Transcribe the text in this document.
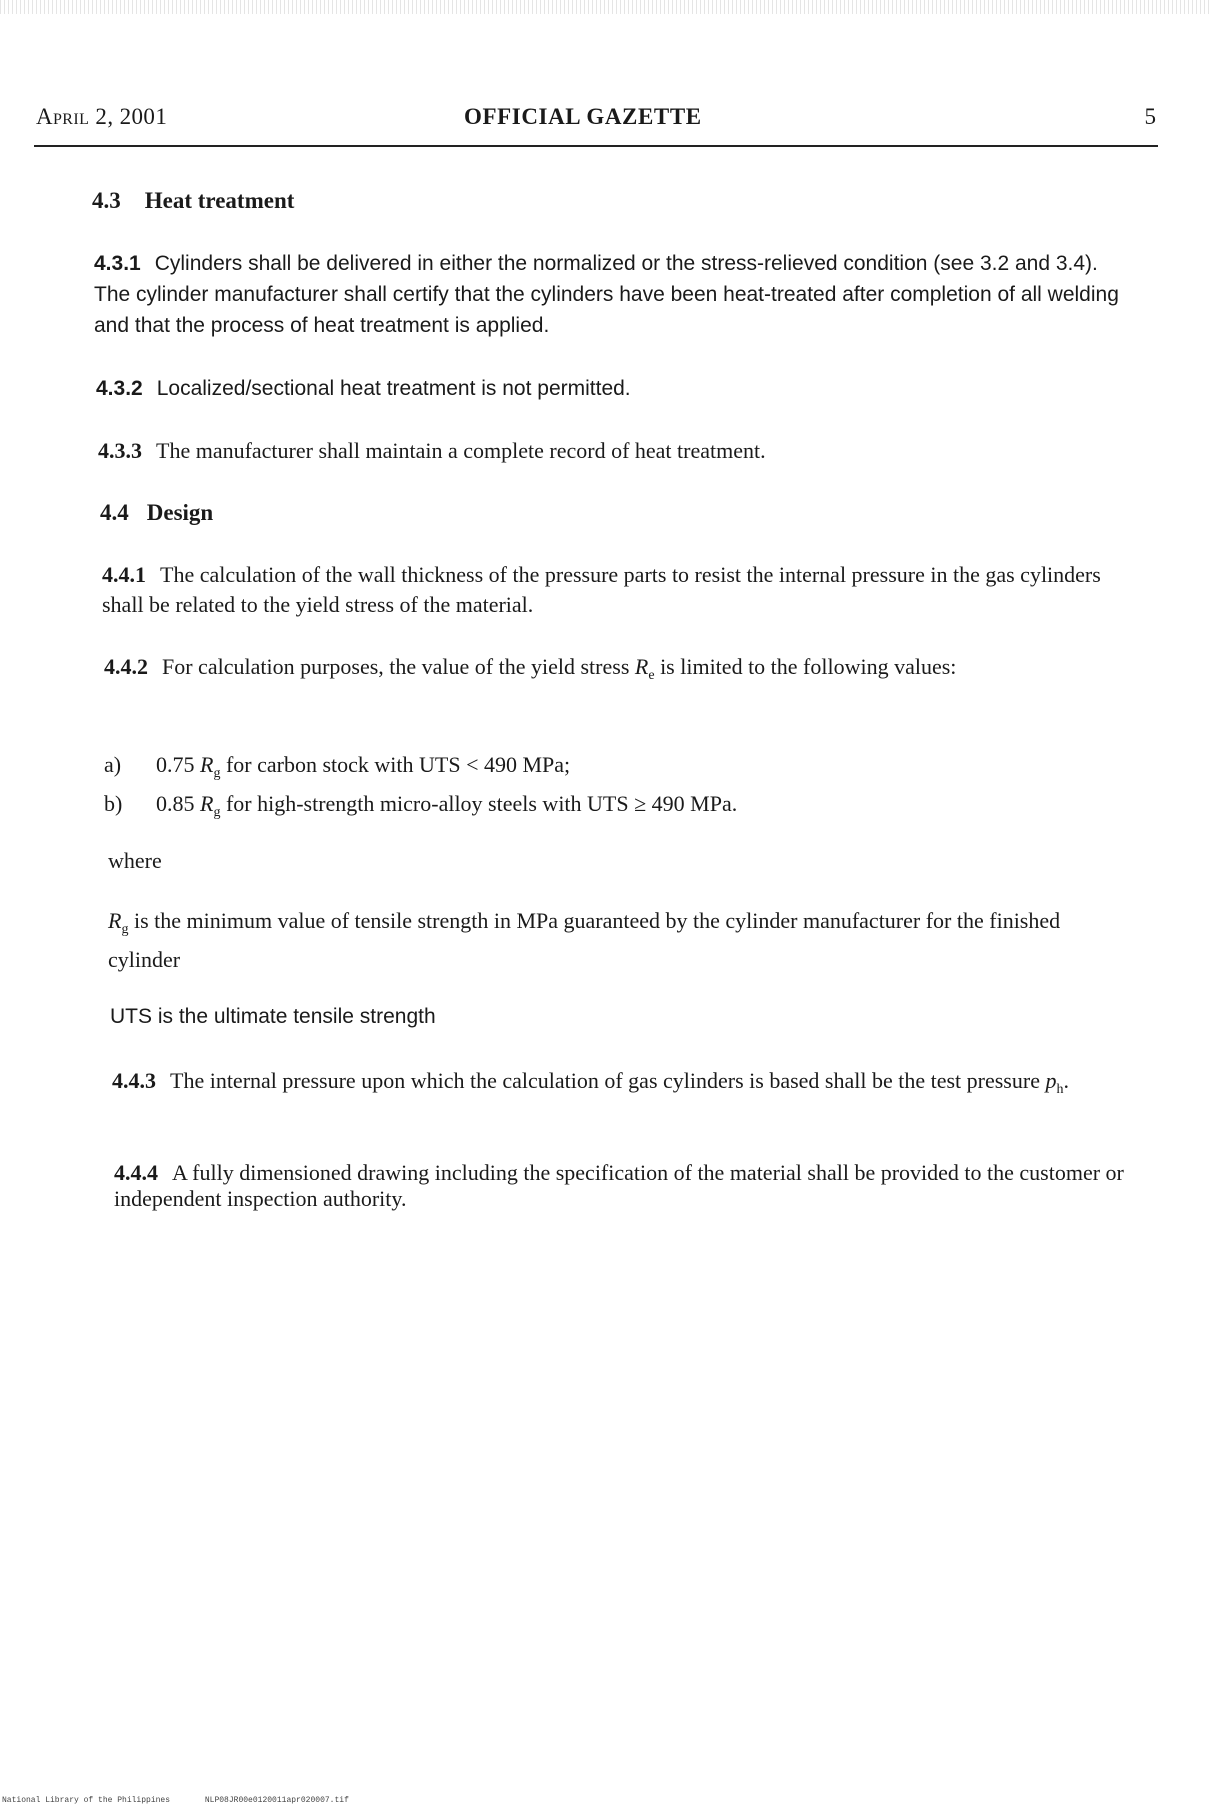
April 2, 2001	OFFICIAL GAZETTE	5
4.3 Heat treatment
4.3.1 Cylinders shall be delivered in either the normalized or the stress-relieved condition (see 3.2 and 3.4). The cylinder manufacturer shall certify that the cylinders have been heat-treated after completion of all welding and that the process of heat treatment is applied.
4.3.2 Localized/sectional heat treatment is not permitted.
4.3.3 The manufacturer shall maintain a complete record of heat treatment.
4.4 Design
4.4.1 The calculation of the wall thickness of the pressure parts to resist the internal pressure in the gas cylinders shall be related to the yield stress of the material.
4.4.2 For calculation purposes, the value of the yield stress $R_e$ is limited to the following values:
a)	0.75 $R_g$ for carbon stock with UTS < 490 MPa;
b)	0.85 $R_g$ for high-strength micro-alloy steels with UTS ≥ 490 MPa.
where
$R_g$ is the minimum value of tensile strength in MPa guaranteed by the cylinder manufacturer for the finished cylinder
UTS is the ultimate tensile strength
4.4.3 The internal pressure upon which the calculation of gas cylinders is based shall be the test pressure $p_h$.
4.4.4 A fully dimensioned drawing including the specification of the material shall be provided to the customer or independent inspection authority.
National Library of the Philippines	NLP08JR00e0120011apr020007.tif
